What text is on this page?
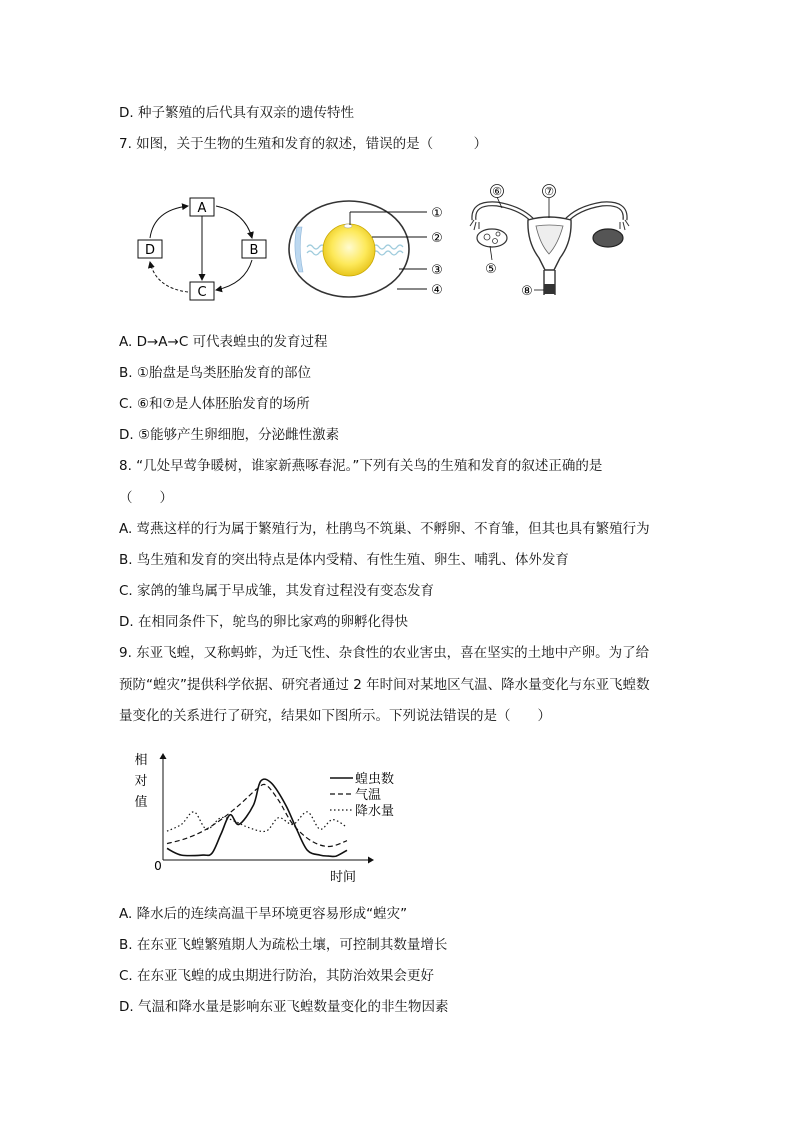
D. 种子繁殖的后代具有双亲的遗传特性
7. 如图，关于生物的生殖和发育的叙述，错误的是（　　　）
A
B
C
D
①
②
③
④
⑥	⑦
⑤
⑧
A. D→A→C 可代表蝗虫的发育过程
B. ①胎盘是鸟类胚胎发育的部位
C. ⑥和⑦是人体胚胎发育的场所
D. ⑤能够产生卵细胞，分泌雌性激素
8. “几处早莺争暖树，谁家新燕啄春泥。”下列有关鸟的生殖和发育的叙述正确的是
（　　）
A. 莺燕这样的行为属于繁殖行为，杜鹃鸟不筑巢、不孵卵、不育雏，但其也具有繁殖行为
B. 鸟生殖和发育的突出特点是体内受精、有性生殖、卵生、哺乳、体外发育
C. 家鸽的雏鸟属于早成雏，其发育过程没有变态发育
D. 在相同条件下，鸵鸟的卵比家鸡的卵孵化得快
9. 东亚飞蝗，又称蚂蚱，为迁飞性、杂食性的农业害虫，喜在坚实的土地中产卵。为了给
预防“蝗灾”提供科学依据、研究者通过 2 年时间对某地区气温、降水量变化与东亚飞蝗数
量变化的关系进行了研究，结果如下图所示。下列说法错误的是（　　）
相
对
值
0
时间
蝗虫数
气温
降水量
A. 降水后的连续高温干旱环境更容易形成“蝗灾”
B. 在东亚飞蝗繁殖期人为疏松土壤，可控制其数量增长
C. 在东亚飞蝗的成虫期进行防治，其防治效果会更好
D. 气温和降水量是影响东亚飞蝗数量变化的非生物因素
